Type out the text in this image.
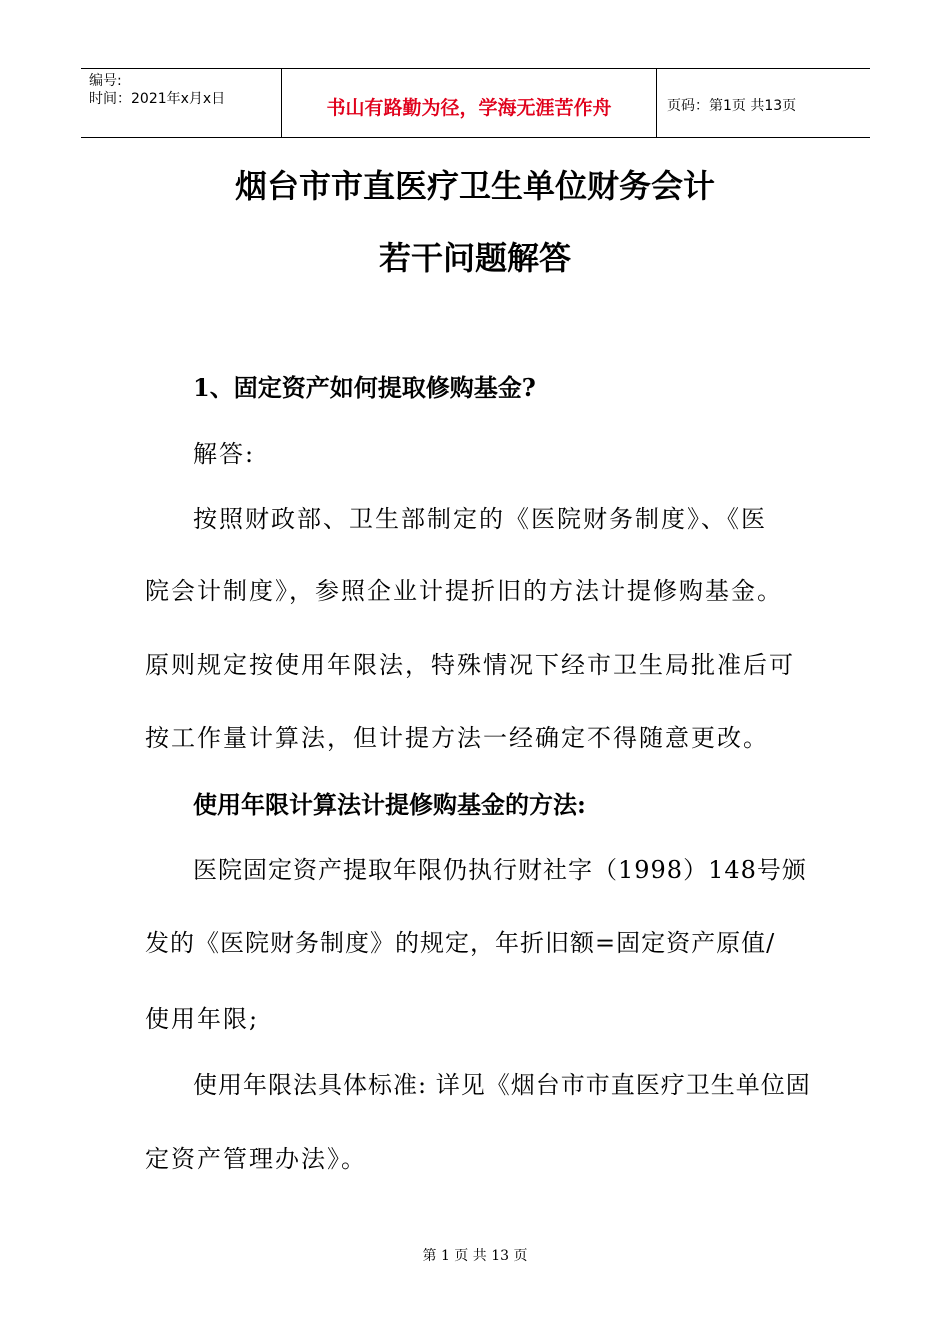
编号:
时间：2021年x月x日	书山有路勤为径，学海无涯苦作舟	页码：第1页 共13页
烟台市市直医疗卫生单位财务会计
若干问题解答
1、固定资产如何提取修购基金?
解答:
按照财政部、卫生部制定的《医院财务制度》、《医
院会计制度》，参照企业计提折旧的方法计提修购基金。
原则规定按使用年限法，特殊情况下经市卫生局批准后可
按工作量计算法，但计提方法一经确定不得随意更改。
使用年限计算法计提修购基金的方法:
医院固定资产提取年限仍执行财社字（1998）148号颁
发的《医院财务制度》的规定，年折旧额=固定资产原值/
使用年限;
使用年限法具体标准: 详见《烟台市市直医疗卫生单位固
定资产管理办法》。
第 1 页 共 13 页
